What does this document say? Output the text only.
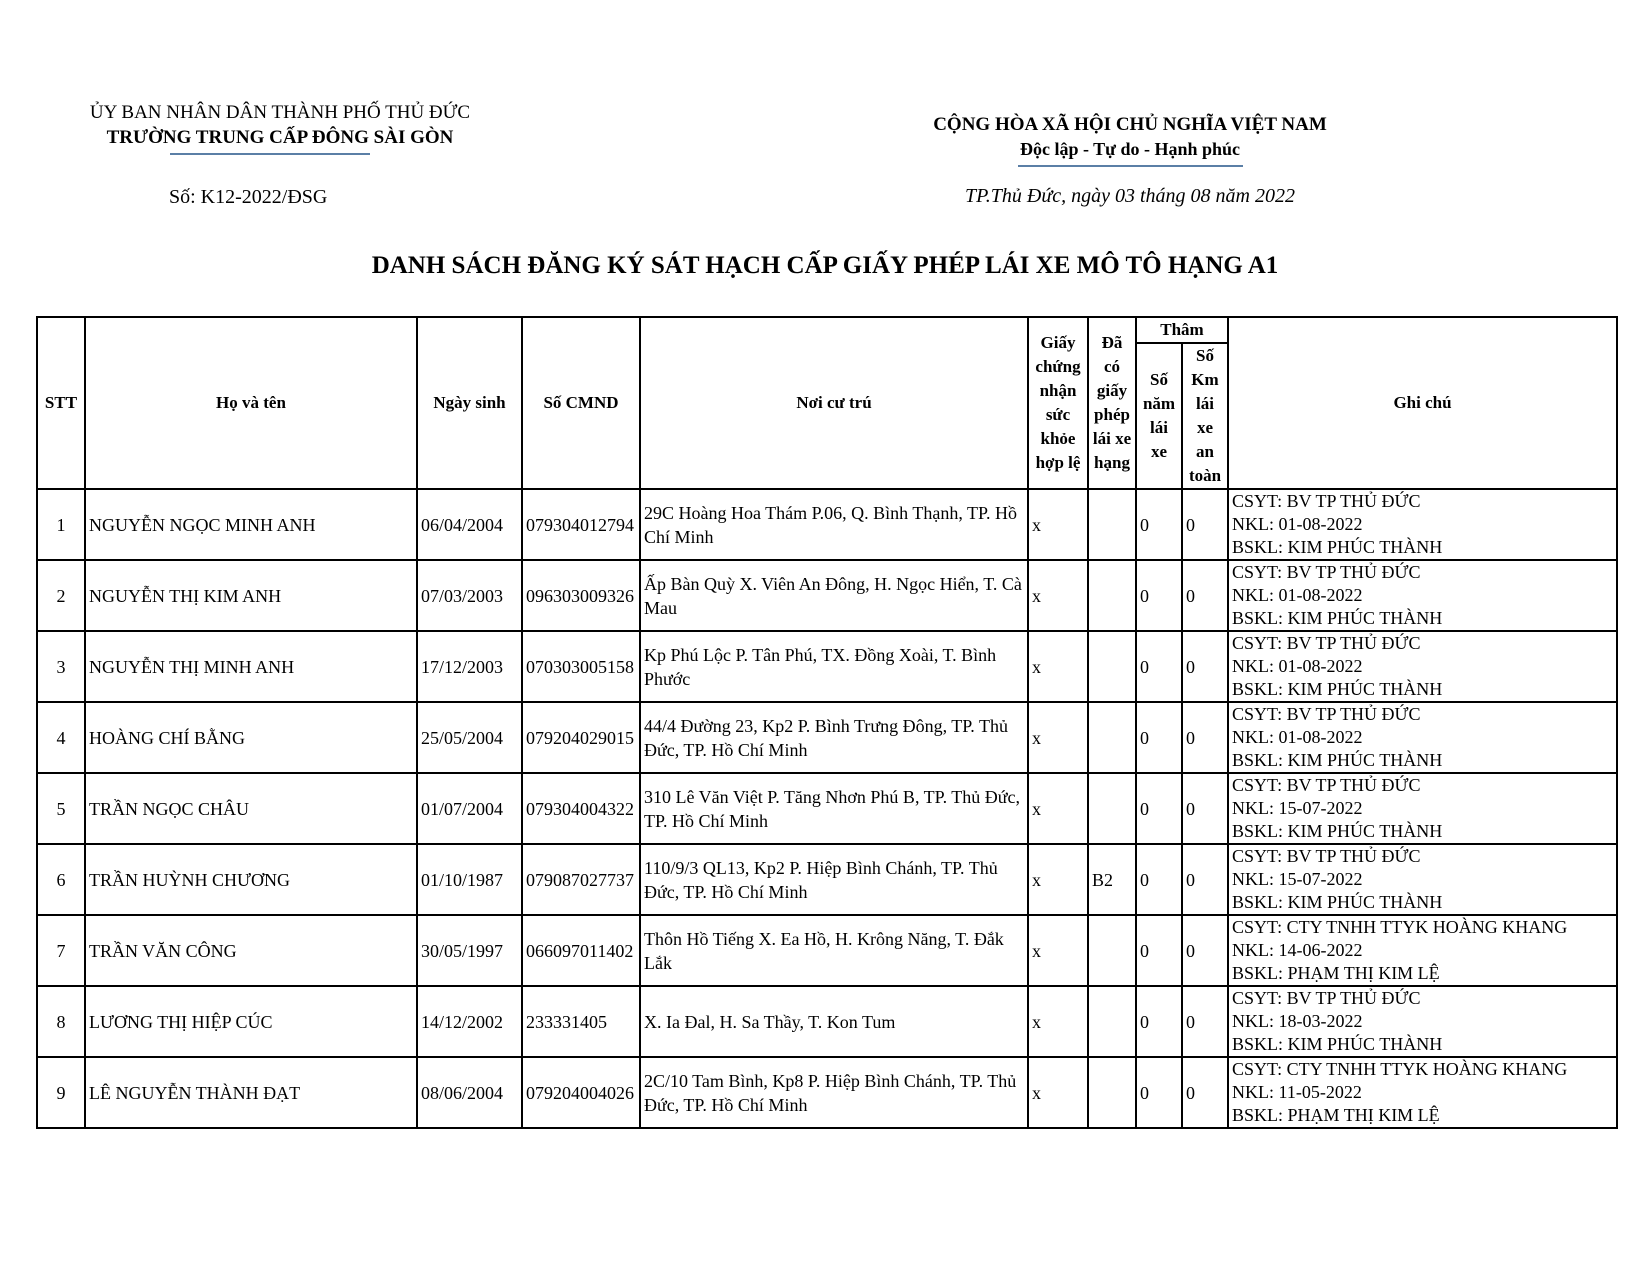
ỦY BAN NHÂN DÂN THÀNH PHỐ THỦ ĐỨC
TRƯỜNG TRUNG CẤP ĐÔNG SÀI GÒN
Số: K12-2022/ĐSG
CỘNG HÒA XÃ HỘI CHỦ NGHĨA VIỆT NAM
Độc lập - Tự do - Hạnh phúc
TP.Thủ Đức, ngày 03 tháng 08 năm 2022
DANH SÁCH ĐĂNG KÝ SÁT HẠCH CẤP GIẤY PHÉP LÁI XE MÔ TÔ HẠNG A1
STT	Họ và tên	Ngày sinh	Số CMND	Nơi cư trú	Giấy chứng nhận sức khỏe hợp lệ	Đã có giấy phép lái xe hạng	Thâm		Ghi chú
							Số năm lái xe	Số Km lái xe an toàn	
1	NGUYỄN NGỌC MINH ANH	06/04/2004	079304012794	29C Hoàng Hoa Thám P.06, Q. Bình Thạnh, TP. Hồ Chí Minh	x		0	0	CSYT: BV TP THỦ ĐỨC
NKL: 01-08-2022
BSKL: KIM PHÚC THÀNH

2	NGUYỄN THỊ KIM ANH	07/03/2003	096303009326	Ấp Bàn Quỳ X. Viên An Đông, H. Ngọc Hiển, T. Cà Mau	x		0	0	CSYT: BV TP THỦ ĐỨC
NKL: 01-08-2022
BSKL: KIM PHÚC THÀNH

3	NGUYỄN THỊ MINH ANH	17/12/2003	070303005158	Kp Phú Lộc P. Tân Phú, TX. Đồng Xoài, T. Bình Phước	x		0	0	CSYT: BV TP THỦ ĐỨC
NKL: 01-08-2022
BSKL: KIM PHÚC THÀNH

4	HOÀNG CHÍ BẰNG	25/05/2004	079204029015	44/4 Đường 23, Kp2 P. Bình Trưng Đông, TP. Thủ Đức, TP. Hồ Chí Minh	x		0	0	CSYT: BV TP THỦ ĐỨC
NKL: 01-08-2022
BSKL: KIM PHÚC THÀNH

5	TRẦN NGỌC CHÂU	01/07/2004	079304004322	310 Lê Văn Việt P. Tăng Nhơn Phú B, TP. Thủ Đức, TP. Hồ Chí Minh	x		0	0	CSYT: BV TP THỦ ĐỨC
NKL: 15-07-2022
BSKL: KIM PHÚC THÀNH

6	TRẦN HUỲNH CHƯƠNG	01/10/1987	079087027737	110/9/3 QL13, Kp2 P. Hiệp Bình Chánh, TP. Thủ Đức, TP. Hồ Chí Minh	x	B2	0	0	CSYT: BV TP THỦ ĐỨC
NKL: 15-07-2022
BSKL: KIM PHÚC THÀNH

7	TRẦN VĂN CÔNG	30/05/1997	066097011402	Thôn Hồ Tiếng X. Ea Hồ, H. Krông Năng, T. Đắk Lắk	x		0	0	CSYT: CTY TNHH TTYK HOÀNG KHANG
NKL: 14-06-2022
BSKL: PHẠM THỊ KIM LỆ

8	LƯƠNG THỊ HIỆP CÚC	14/12/2002	233331405	X. Ia Đal, H. Sa Thầy, T. Kon Tum	x		0	0	CSYT: BV TP THỦ ĐỨC
NKL: 18-03-2022
BSKL: KIM PHÚC THÀNH

9	LÊ NGUYỄN THÀNH ĐẠT	08/06/2004	079204004026	2C/10 Tam Bình, Kp8 P. Hiệp Bình Chánh, TP. Thủ Đức, TP. Hồ Chí Minh	x		0	0	CSYT: CTY TNHH TTYK HOÀNG KHANG
NKL: 11-05-2022
BSKL: PHẠM THỊ KIM LỆ
